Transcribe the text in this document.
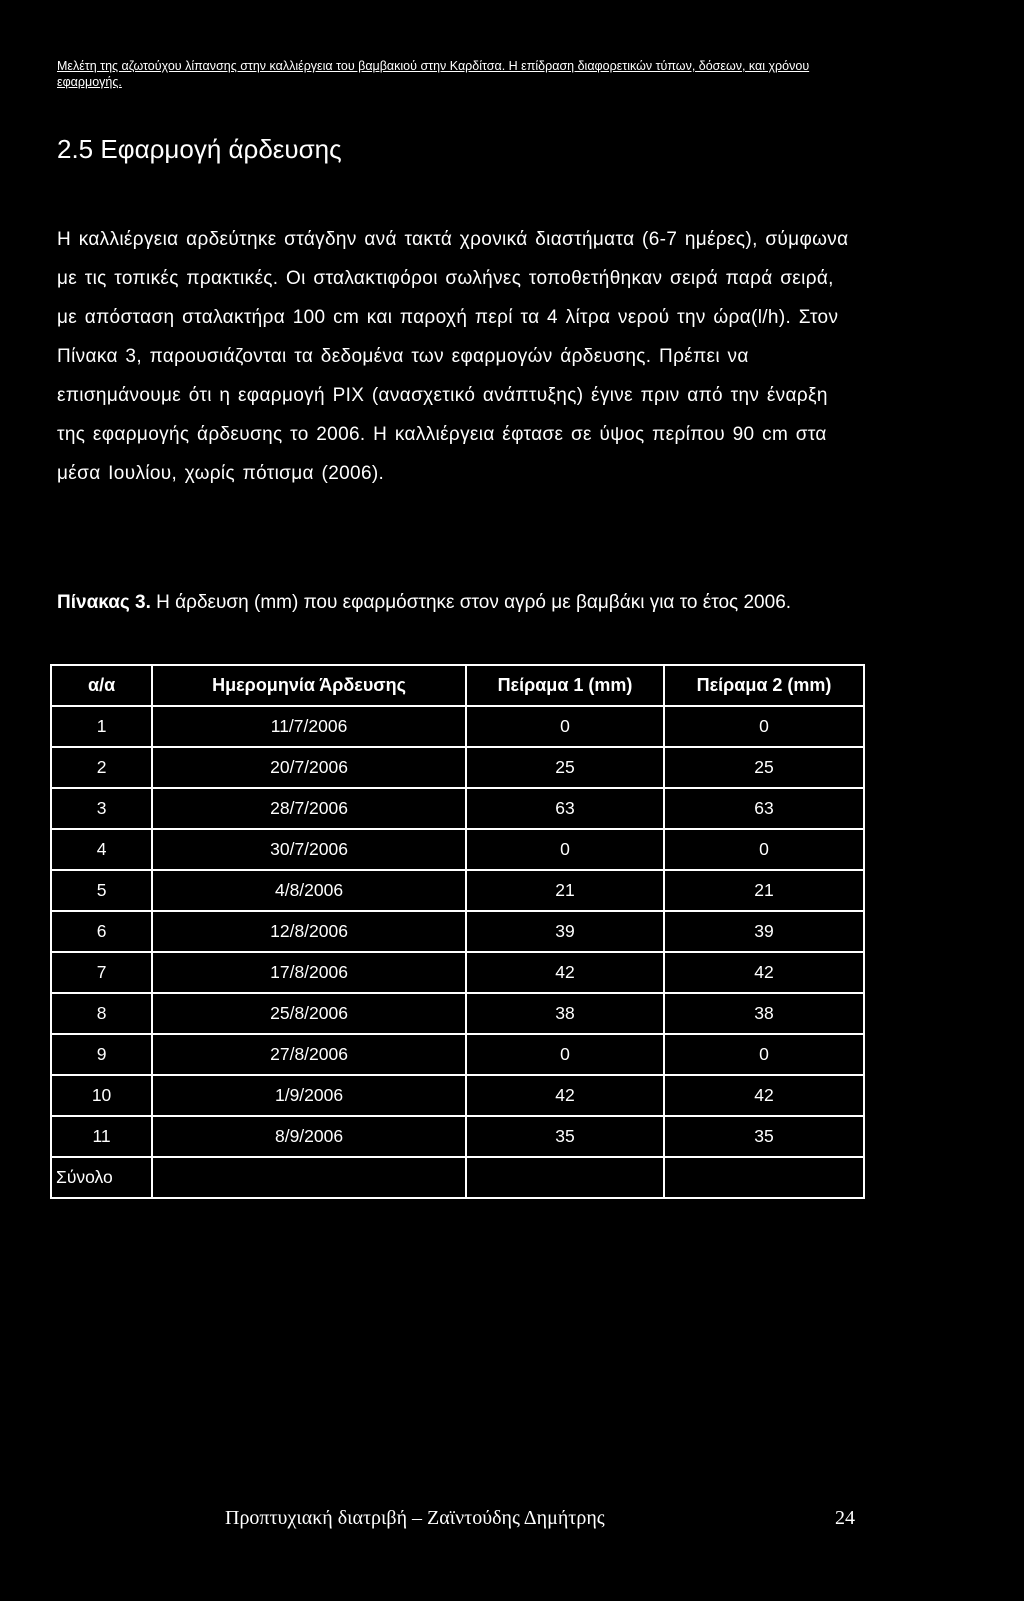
Μελέτη της αζωτούχου λίπανσης στην καλλιέργεια του βαμβακιού στην Καρδίτσα. Η επίδραση διαφορετικών τύπων, δόσεων, και χρόνου εφαρμογής.
2.5 Εφαρμογή άρδευσης

Η καλλιέργεια αρδεύτηκε στάγδην ανά τακτά χρονικά διαστήματα (6-7 ημέρες), σύμφωνα με τις τοπικές πρακτικές. Οι σταλακτιφόροι σωλήνες τοποθετήθηκαν σειρά παρά σειρά, με απόσταση σταλακτήρα 100 cm και παροχή περί τα 4 λίτρα νερού την ώρα(l/h). Στον Πίνακα 3, παρουσιάζονται τα δεδομένα των εφαρμογών άρδευσης. Πρέπει να επισημάνουμε ότι η εφαρμογή PIX (ανασχετικό ανάπτυξης) έγινε πριν από την έναρξη της εφαρμογής άρδευσης το 2006. Η καλλιέργεια έφτασε σε ύψος περίπου 90 cm στα μέσα Ιουλίου, χωρίς πότισμα (2006).

Πίνακας 3. Η άρδευση (mm) που εφαρμόστηκε στον αγρό με βαμβάκι για το έτος 2006.

α/α	Ημερομηνία Άρδευσης	Πείραμα 1 (mm)	Πείραμα 2 (mm)
1	11/7/2006	0	0
2	20/7/2006	25	25
3	28/7/2006	63	63
4	30/7/2006	0	0
5	4/8/2006	21	21
6	12/8/2006	39	39
7	17/8/2006	42	42
8	25/8/2006	38	38
9	27/8/2006	0	0
10	1/9/2006	42	42
11	8/9/2006	35	35
Σύνολο			
Προπτυχιακή διατριβή – Ζαϊντούδης Δημήτρης	24
